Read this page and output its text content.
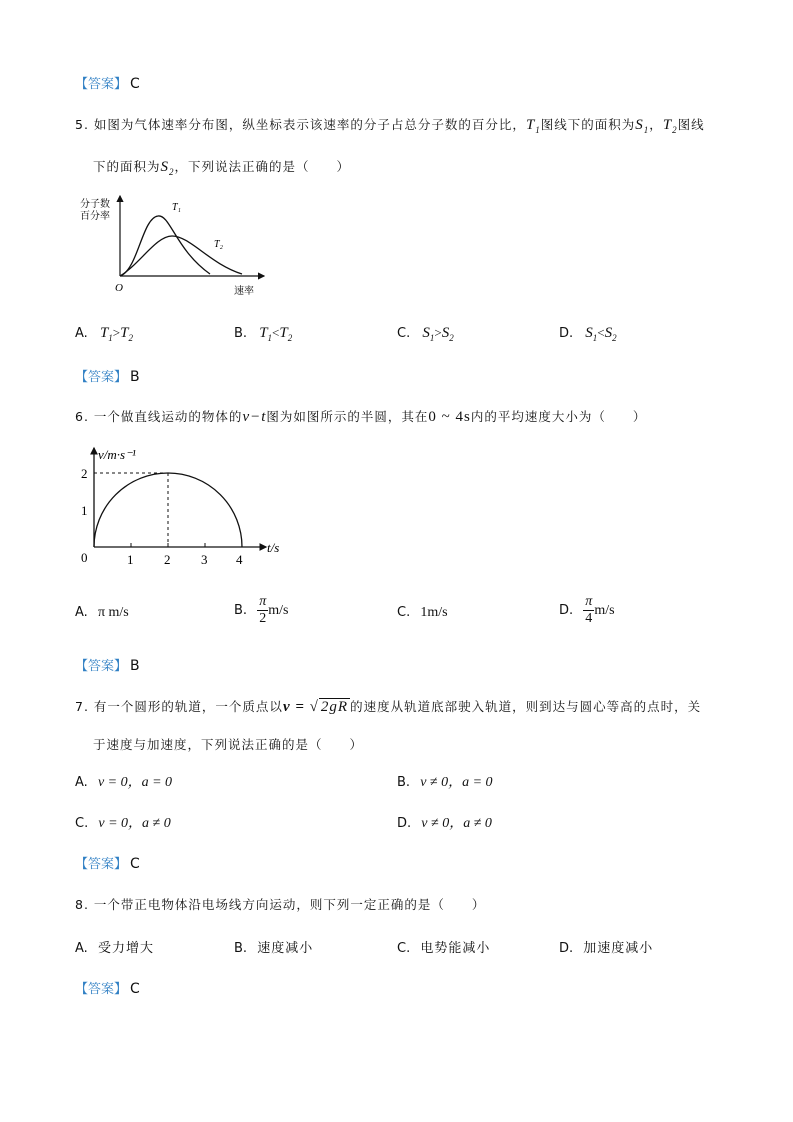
【答案】 C
5. 如图为气体速率分布图，纵坐标表示该速率的分子占总分子数的百分比，$T_1$图线下的面积为$S_1$，$T_2$图线
下的面积为$S_2$，下列说法正确的是（　　）
分子数
百分率
T₁
T₂
O	速率
A. $T_1>T_2$	B. $T_1<T_2$	C. $S_1>S_2$	D. $S_1<S_2$
【答案】 B
6. 一个做直线运动的物体的v−t图为如图所示的半圆，其在0 ~ 4s内的平均速度大小为（　　）
v/m·s⁻¹
2
1
0	1 2 3 4
t/s
A. π m/s	B. $\frac{\pi}{2} m/s$	C. 1m/s	D. $\frac{\pi}{4} m/s$
【答案】 B
7. 有一个圆形的轨道，一个质点以v = √ 2gR 的速度从轨道底部驶入轨道，则到达与圆心等高的点时，关
于速度与加速度，下列说法正确的是（　　）
A. v = 0，a = 0	B. v ≠ 0，a = 0
C. v = 0，a ≠ 0	D. v ≠ 0，a ≠ 0
【答案】 C
8. 一个带正电物体沿电场线方向运动，则下列一定正确的是（　　）
A. 受力增大	B. 速度减小	C. 电势能减小	D. 加速度减小
【答案】 C
